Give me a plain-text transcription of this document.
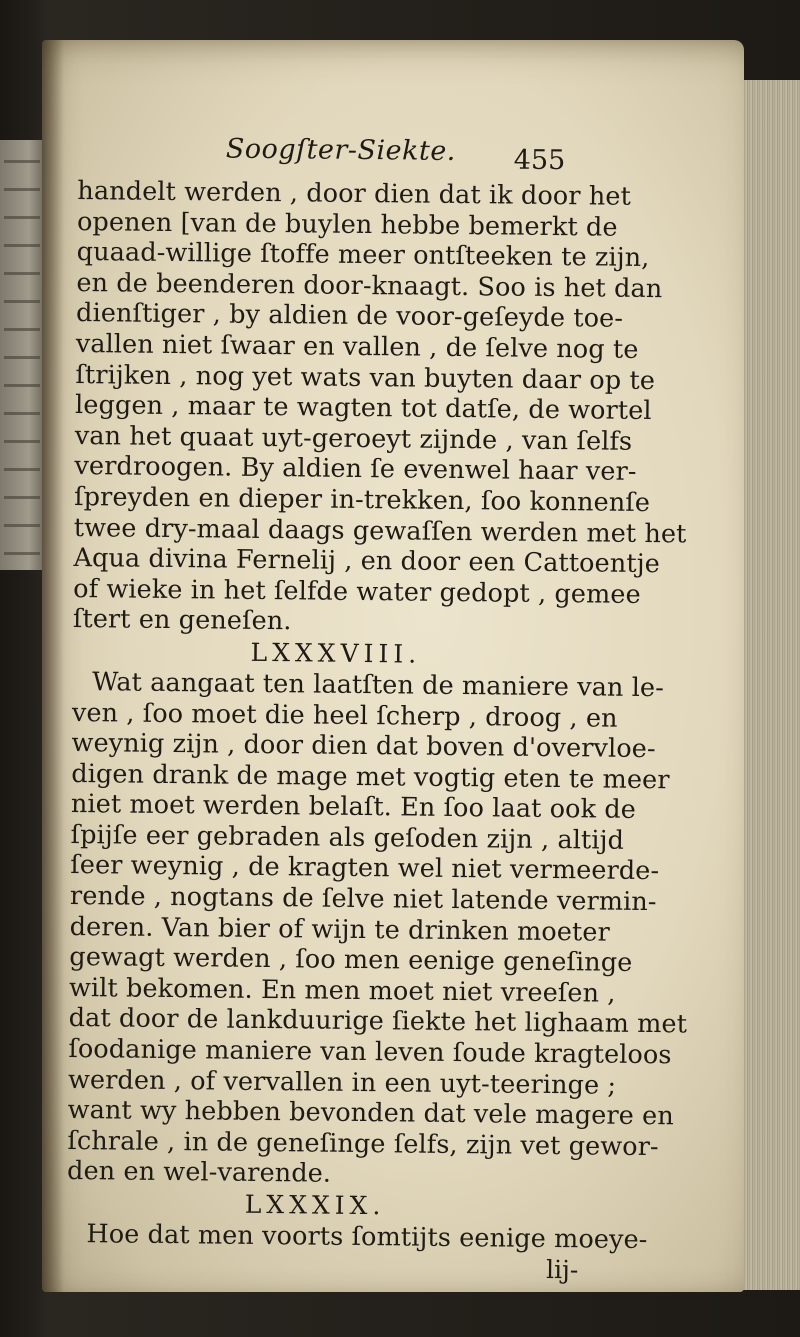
Soogſter-Siekte. 455
handelt werden , door dien dat ik door het
openen [van de buylen hebbe bemerkt de
quaad-willige ſtoffe meer ontſteeken te zijn,
en de beenderen door-knaagt. Soo is het dan
dienſtiger , by aldien de voor-geſeyde toe-
vallen niet ſwaar en vallen , de ſelve nog te
ſtrijken , nog yet wats van buyten daar op te
leggen , maar te wagten tot datſe, de wortel
van het quaat uyt-geroeyt zijnde , van ſelfs
verdroogen. By aldien ſe evenwel haar ver-
ſpreyden en dieper in-trekken, ſoo konnenſe
twee dry-maal daags gewaſſen werden met het
Aqua divina Fernelij , en door een Cattoentje
of wieke in het ſelfde water gedopt , gemee
ſtert en geneſen.
LXXXVIII.
Wat aangaat ten laatſten de maniere van le-
ven , ſoo moet die heel ſcherp , droog , en
weynig zijn , door dien dat boven d'overvloe-
digen drank de mage met vogtig eten te meer
niet moet werden belaſt. En ſoo laat ook de
ſpijſe eer gebraden als geſoden zijn , altijd
ſeer weynig , de kragten wel niet vermeerde-
rende , nogtans de ſelve niet latende vermin-
deren. Van bier of wijn te drinken moeter
gewagt werden , ſoo men eenige geneſinge
wilt bekomen. En men moet niet vreeſen ,
dat door de lankduurige ſiekte het lighaam met
ſoodanige maniere van leven ſoude kragteloos
werden , of vervallen in een uyt-teeringe ;
want wy hebben bevonden dat vele magere en
ſchrale , in de geneſinge ſelfs, zijn vet gewor-
den en wel-varende.
LXXXIX.
Hoe dat men voorts ſomtijts eenige moeye-
lij-
